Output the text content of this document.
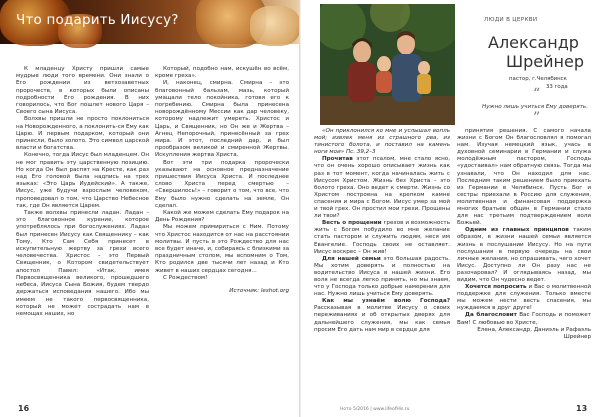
Что подарить Иисусу?

К младенцу Христу пришли самые мудрые люди того времени. Они знали о Его рождении из ветхозаветных пророчеств, в которых были описаны подробности Его рождения. В них говорилось, что Бог пошлет нового Царя – Своего сына Иисуса.

Волхвы пришли не просто поклониться на Новорожденного, а поклонить-ся Ему как Царю. И первым подарком, который они принесли, было золото. Это символ царской власти и богатства.

Конечно, тогда Иисус был младенцем. Он не мог править эту царственную позицию. Но когда Он был распят на Кресте, как раз над Его головой была надпись на трех языках: «Это Царь Иудейский». А также, Иисус, уже будучи взрослым человеком, проповедовал о том, что Царство Небесное так, где Он является Царем.

Также волхвы принесли ладан. Ладан – это благовонное курение, которое употреблялось при богослужениях. Ладан был принесен Иисусу как Священнику – как Тому, Кто Сам Себя принесет в искупительную жертву за грехи всего человечества. Христос – это Первый Священник, о Котором свидетельствует апостол Павел: «Итак, имея Первосвященника великого, прошедшего небеса, Иисуса Сына Божия, будем твердо держаться исповедания нашего. Ибо мы имеем не такого первосвященника, который не может сострадать нам в немощах наших, но

Который, подобно нам, искушён во всём, кроме греха».

И, наконец, смирна. Смирна – это благовонный бальзам, мазь, который умащали тело покойника, готовя его к погребению. Смирна была принесена новорождённому Мессии как дар человеку, которому надлежит умереть. Христос и Царь, и Священник, но Он же и Жертва – Агнец Непорочный, принесённый за грех мира. И этот, последний дар, и был прообразом великой и смиренной Жертвы. Искупления жертва Христа.

Вот эти три подарка пророчески указывают на основное предназначение пришествия Иисуса Христа. И последнее слово Христа перед смертью – «Свершилось!» – говорит о том, что все, что Ему было нужно сделать на земле, Он сделал.

Какой же можем сделать Ему подарок на День Рождения?

Мы можем примириться с Ним. Потому что Христос находится от нас на расстоянии молитвы. И пусть в это Рождество для нас все будет иначе, и, собираясь с близкими за праздничным столом, мы вспомним о Том, Кто родился две тысячи лет назад и Кто живет в наших сердцах сегодня...

С Рождеством!

Источник: leshot.org
16
ЛЮДИ В ЦЕРКВИ
Александр
Шрейнер
пастор, г.Челябинск
33 года
“
Нужно лишь учиться Ему доверять.
”

«Он приклонился ко мне и услышал вопль мой; извлек меня из страшного рва, из тинистого болота, и поставил на камень ноги мои» Пс. 39,2–3

Прочитав этот псалом, мне стало ясно, что он очень хорошо описывает жизнь как раз в тот момент, когда начиналась жить с Иисусом Христом. Жизнь без Христа – это болото греха. Оно ведет к смерти. Жизнь со Христом построена на крепком камне спасения и мира с Богом. Иисус умер за мой и твой грех. Он простил мои грехи. Прощены ли твои?

Весть о прощении грехов и возможность жить с Богом побудило во мне желание стать пастором и служить людям, неся им Евангелие. Господь своих не оставляет. Иисус воскрес – Он жив!

Для нашей семьи это большая радость. Мы хотим доверять и полностью на водительство Иисуса в нашей жизни. Его воля не всегда легко принять, но мы знаем, что у Господа только добрые намерения для нас. Нужно лишь учиться Ему доверять.

Как мы узнаём волю Господа? Рассказывая в молитве Иисусу о своих переживаниях и об открытых дверях для дальнейшего служения, мы как семья просим Его дать нам мир в сердце для

принятия решения. С самого начала жизни с Богом Он благословлял я помогал нам. Изучая немецкий язык, учась в духовной семинарии в Германии и служа молодёжным пастором, Господь «удостаивал» нам обратную связь. Тогда мы узнавали, что Он находил для нас. Последним таким решением было приехать из Германии в Челябинск. Пусть Бог и сестры приехали в Россию для служения, молитвенная и финансовая поддержка многих братьев общин в Германии стало для нас третьим подтверждением воли Божьей.

Одним из главных принципов таким образом, в жизни нашей семьи является жизнь в послушании Иисусу. Но на пути послушания в первую очередь на свои личные желания, но спрашивать, чего хочет Иисус. Доступно ли Он разу нас не разочаровал? И оглядываясь назад, мы видим, что Он чудесно ведет.

Хочется попросить и Вас о молитвенной поддержке для служения. Только вместе мы можем нести весть спасения, мы нуждаемся в друг друге!

Да благословит Вас Господь и поможет Вам! С любовью во Христе,

Елена, Александр, Даниэль и Рафаэль Шрейнер
Ното 5/2016 | www.lifeofHis.ru	13
